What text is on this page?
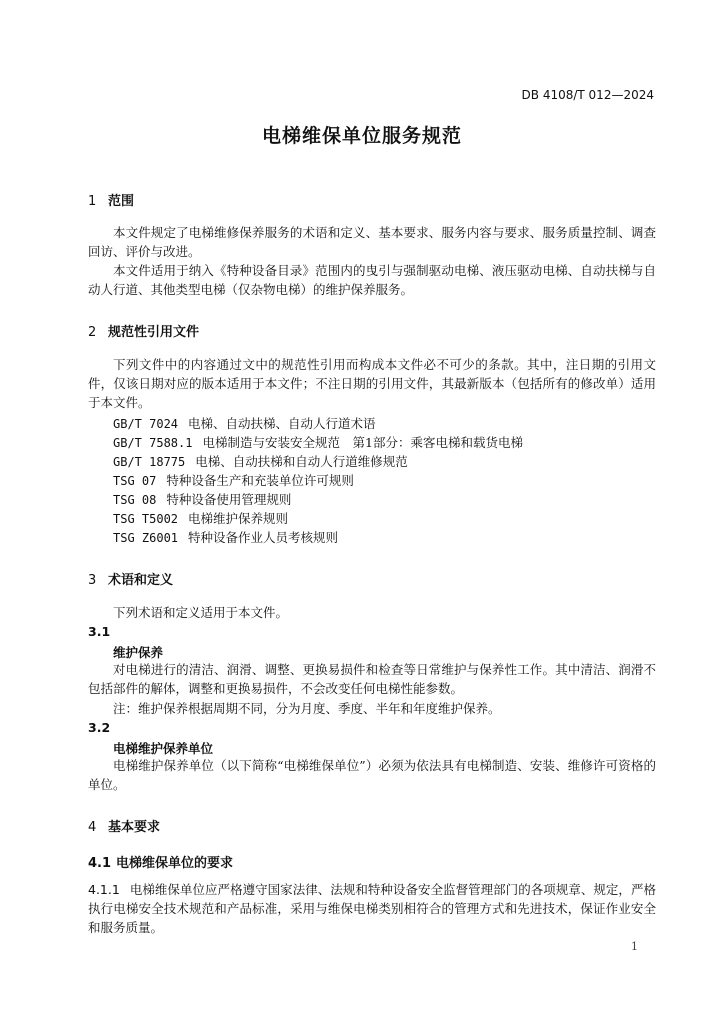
DB 4108/T 012—2024
电梯维保单位服务规范
1 范围
本文件规定了电梯维修保养服务的术语和定义、基本要求、服务内容与要求、服务质量控制、调查回访、评价与改进。
本文件适用于纳入《特种设备目录》范围内的曳引与强制驱动电梯、液压驱动电梯、自动扶梯与自动人行道、其他类型电梯（仅杂物电梯）的维护保养服务。
2 规范性引用文件
下列文件中的内容通过文中的规范性引用而构成本文件必不可少的条款。其中，注日期的引用文件，仅该日期对应的版本适用于本文件；不注日期的引用文件，其最新版本（包括所有的修改单）适用于本文件。
GB/T 7024 电梯、自动扶梯、自动人行道术语
GB/T 7588.1 电梯制造与安装安全规范　第1部分：乘客电梯和载货电梯
GB/T 18775 电梯、自动扶梯和自动人行道维修规范
TSG 07 特种设备生产和充装单位许可规则
TSG 08 特种设备使用管理规则
TSG T5002 电梯维护保养规则
TSG Z6001 特种设备作业人员考核规则
3 术语和定义
下列术语和定义适用于本文件。
3.1
维护保养
对电梯进行的清洁、润滑、调整、更换易损件和检查等日常维护与保养性工作。其中清洁、润滑不包括部件的解体，调整和更换易损件，不会改变任何电梯性能参数。
注：维护保养根据周期不同，分为月度、季度、半年和年度维护保养。
3.2
电梯维护保养单位
电梯维护保养单位（以下简称“电梯维保单位”）必须为依法具有电梯制造、安装、维修许可资格的单位。
4 基本要求
4.1 电梯维保单位的要求
4.1.1 电梯维保单位应严格遵守国家法律、法规和特种设备安全监督管理部门的各项规章、规定，严格执行电梯安全技术规范和产品标准，采用与维保电梯类别相符合的管理方式和先进技术，保证作业安全和服务质量。
1
